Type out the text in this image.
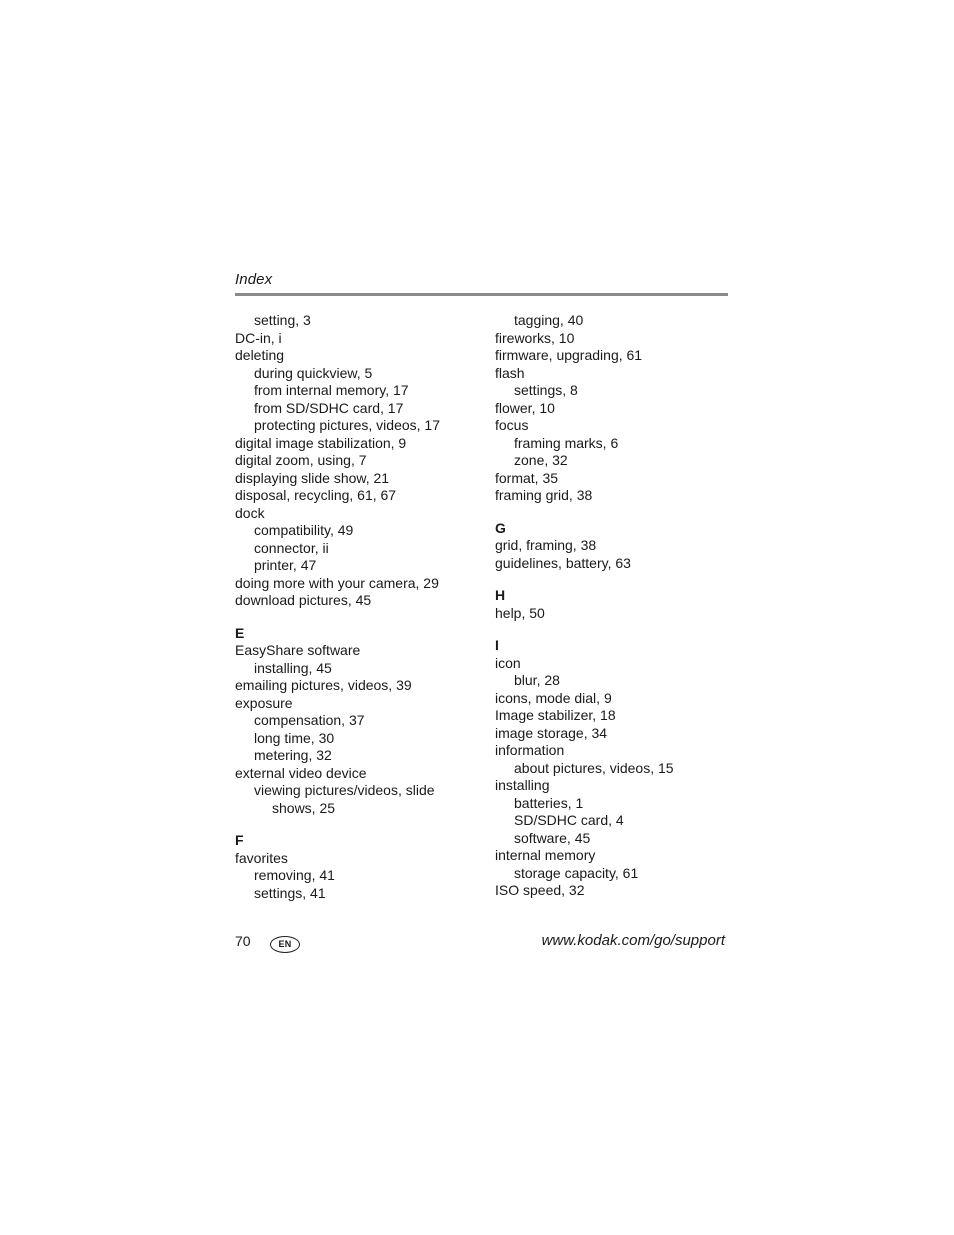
Index
setting, 3
DC-in, i
deleting
during quickview, 5
from internal memory, 17
from SD/SDHC card, 17
protecting pictures, videos, 17
digital image stabilization, 9
digital zoom, using, 7
displaying slide show, 21
disposal, recycling, 61, 67
dock
compatibility, 49
connector, ii
printer, 47
doing more with your camera, 29
download pictures, 45
E
EasyShare software
installing, 45
emailing pictures, videos, 39
exposure
compensation, 37
long time, 30
metering, 32
external video device
viewing pictures/videos, slide
shows, 25
F
favorites
removing, 41
settings, 41
tagging, 40
fireworks, 10
firmware, upgrading, 61
flash
settings, 8
flower, 10
focus
framing marks, 6
zone, 32
format, 35
framing grid, 38
G
grid, framing, 38
guidelines, battery, 63
H
help, 50
I
icon
blur, 28
icons, mode dial, 9
Image stabilizer, 18
image storage, 34
information
about pictures, videos, 15
installing
batteries, 1
SD/SDHC card, 4
software, 45
internal memory
storage capacity, 61
ISO speed, 32
70	EN	www.kodak.com/go/support
